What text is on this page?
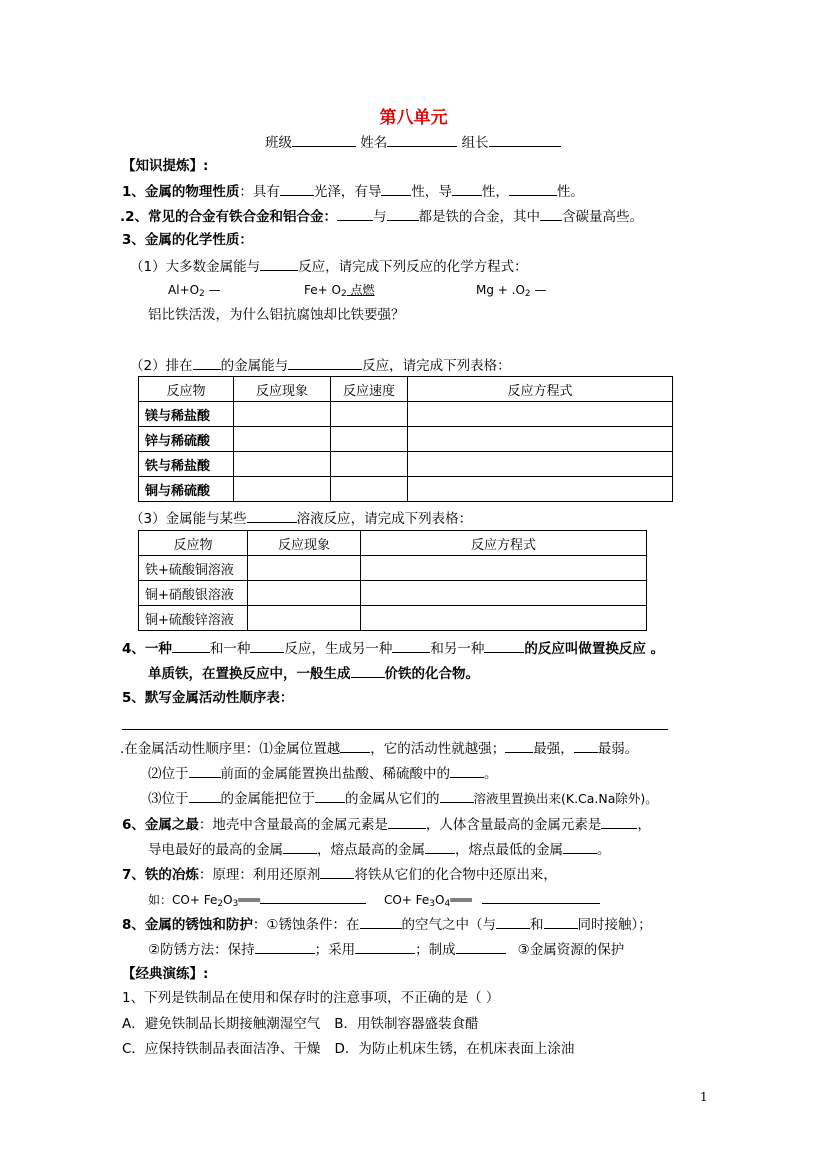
第八单元
班级	姓名	组长
【知识提炼】:
1、金属的物理性质：具有	光泽，有导 性，导 性，	性。
.2、常见的合金有铁合金和铝合金：	与 都是铁的合金，其中 含碳量高些。
3、金属的化学性质：
（1）大多数金属能与	反应，请完成下列反应的化学方程式：
$Al+O_2$ —	$Fe+ O_2$ 点燃	$Mg + .O_2$ —
铝比铁活泼，为什么铝抗腐蚀却比铁要强？
（2）排在 的金属能与	反应，请完成下列表格：
反应物	反应现象	反应速度	反应方程式
镁与稀盐酸			
锌与稀硫酸			
铁与稀盐酸			
铜与稀硫酸			
（3）金属能与某些	溶液反应，请完成下列表格：
反应物	反应现象	反应方程式
铁+硫酸铜溶液		
铜+硝酸银溶液		
铜+硫酸锌溶液		
4、一种	和一种	反应，生成另一种	和另一种	的反应叫做置换反应 。
单质铁，在置换反应中，一般生成	价铁的化合物。
5、默写金属活动性顺序表：
.在金属活动性顺序里：⑴金属位置越 ，它的活动性就越强； 最强， 最弱。
⑵位于 前面的金属能置换出盐酸、稀硫酸中的	。
⑶位于 的金属能把位于 的金属从它们的	溶液里置换出来(K.Ca.Na除外)。
6、金属之最：地壳中含量最高的金属元素是	，人体含量最高的金属元素是	，
导电最好的最高的金属	，熔点最高的金属 ，熔点最低的金属	。
7、铁的冶炼：原理：利用还原剂	将铁从它们的化合物中还原出来，
如：$CO+ Fe_2O_3═══$	$CO+ Fe_3O_4═══$
8、金属的锈蚀和防护：①锈蚀条件：在	的空气之中（与	和	同时接触）；
②防锈方法：保持	；采用	；制成	③金属资源的保护
【经典演练】:
1、下列是铁制品在使用和保存时的注意事项，不正确的是（ ）
A．避免铁制品长期接触潮湿空气 B．用铁制容器盛装食醋
C．应保持铁制品表面洁净、干燥 D．为防止机床生锈，在机床表面上涂油
1
